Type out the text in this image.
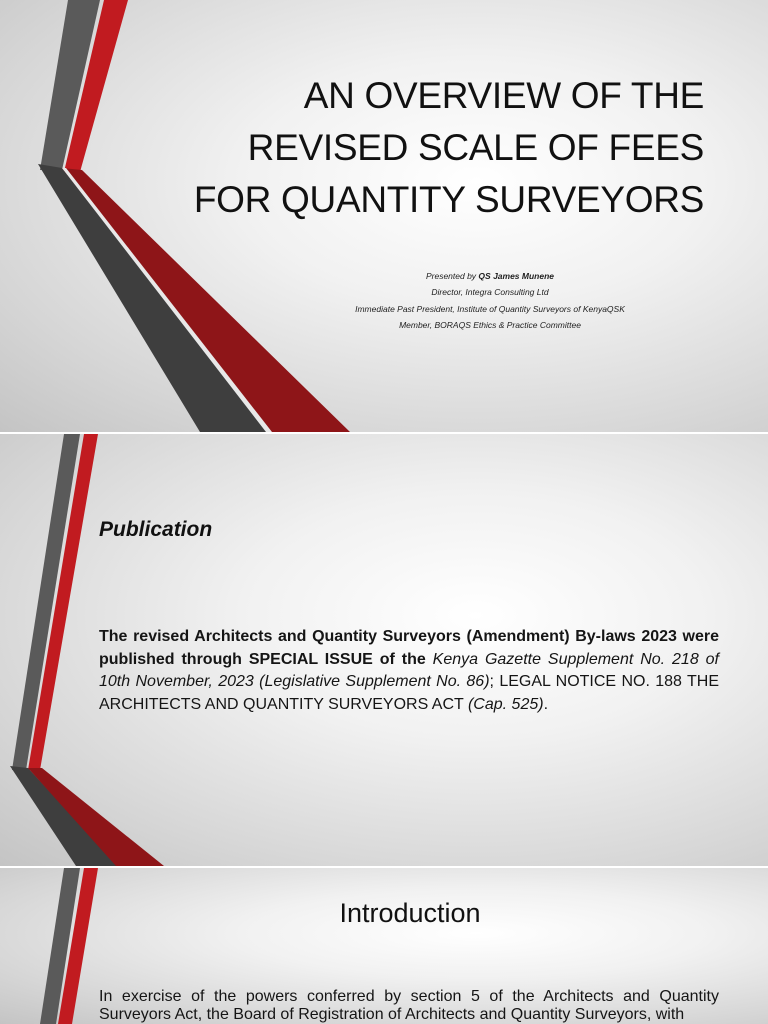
AN OVERVIEW OF THE
REVISED SCALE OF FEES
FOR QUANTITY SURVEYORS
Presented by QS James Munene
Director, Integra Consulting Ltd
Immediate Past President, Institute of Quantity Surveyors of KenyaQSK
Member, BORAQS Ethics & Practice Committee
Publication
The revised Architects and Quantity Surveyors (Amendment) By-laws 2023 were published through SPECIAL ISSUE of the Kenya Gazette Supplement No. 218 of 10th November, 2023 (Legislative Supplement No. 86); LEGAL NOTICE NO. 188 THE ARCHITECTS AND QUANTITY SURVEYORS ACT (Cap. 525).
Introduction
In exercise of the powers conferred by section 5 of the Architects and Quantity Surveyors Act, the Board of Registration of Architects and Quantity Surveyors, with
